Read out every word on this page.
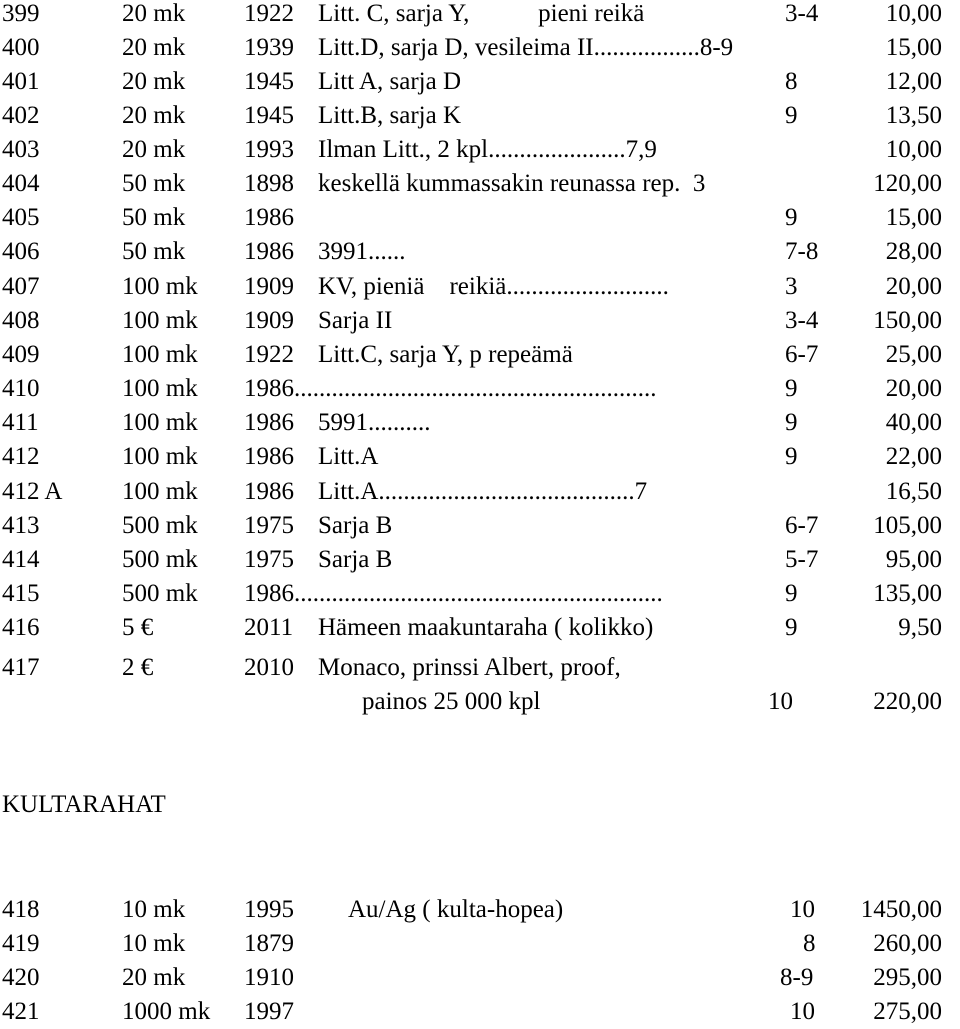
399	20 mk 1922 Litt. C, sarja Y,           pieni reikä	3-4	10,00
400	20 mk 1939 Litt.D, sarja D, vesileima II.................8-9	15,00
401	20 mk 1945 Litt A, sarja D	8	12,00
402	20 mk 1945 Litt.B, sarja K	9	13,50
403	20 mk 1993 Ilman Litt., 2 kpl......................7,9	10,00
404	50 mk 1898 keskellä kummassakin reunassa rep.  3	120,00
405	50 mk 1986	9	15,00
406	50 mk 1986 3991......	7-8	28,00
407	100 mk 1909 KV, pieniä    reikiä..........................	3	20,00
408	100 mk 1909 Sarja II	3-4 150,00
409	100 mk 1922 Litt.C, sarja Y, p repeämä	6-7	25,00
410	100 mk 1986..........................................................	9	20,00
411	100 mk 1986 5991..........	9	40,00
412	100 mk 1986 Litt.A	9	22,00
412 A 100 mk 1986 Litt.A.........................................7	16,50
413	500 mk 1975 Sarja B	6-7 105,00
414	500 mk 1975 Sarja B	5-7	95,00
415	500 mk 1986...........................................................	9	135,00
416	5 €	2011 Hämeen maakuntaraha ( kolikko)	9	9,50
417	2 €	2010 Monaco, prinssi Albert, proof,
painos 25 000 kpl	10	220,00
KULTARAHAT
418	10 mk 1995 Au/Ag ( kulta-hopea)	10 1450,00
419	10 mk 1879	8 260,00
420	20 mk 1910	8-9 295,00
421	1000 mk 1997	10 275,00
